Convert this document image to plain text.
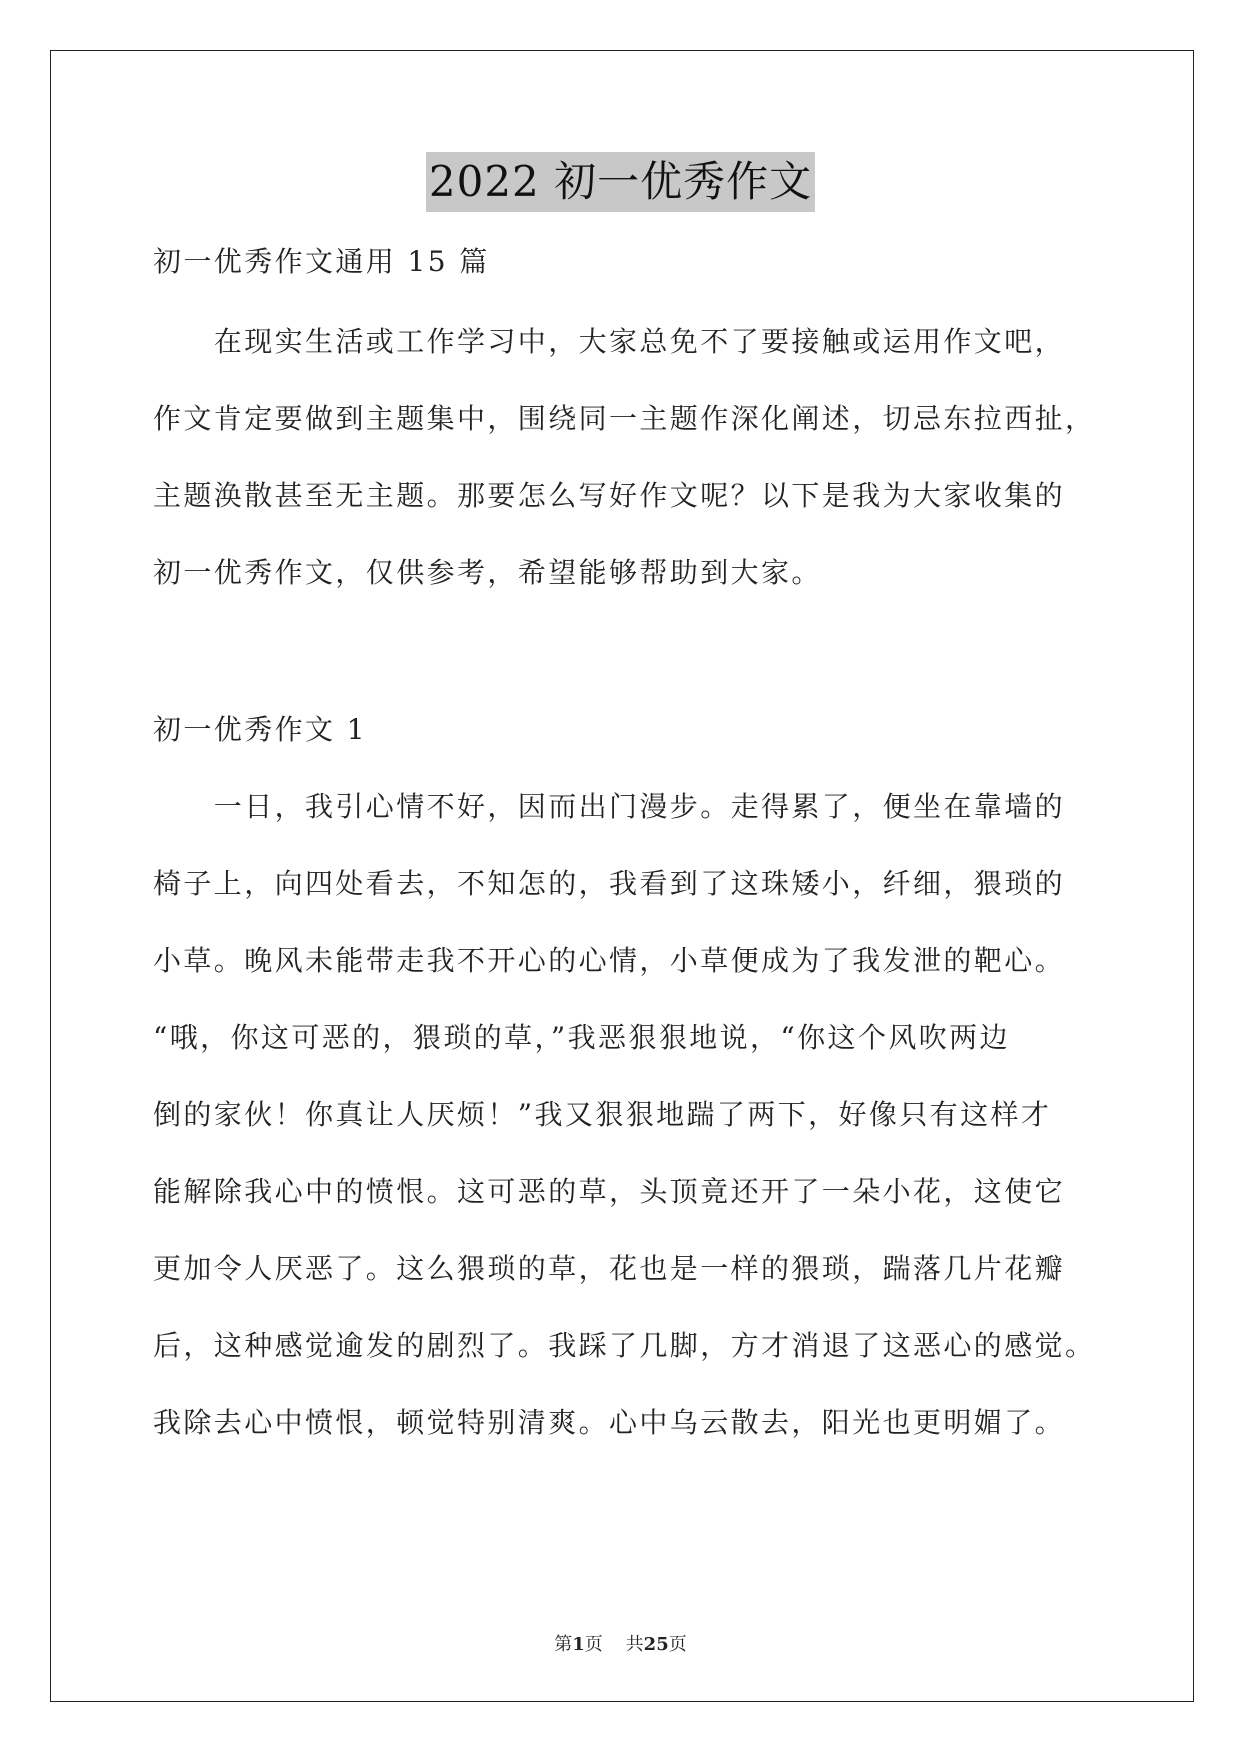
2022 初一优秀作文
初一优秀作文通用 15 篇
　　在现实生活或工作学习中，大家总免不了要接触或运用作文吧，
作文肯定要做到主题集中，围绕同一主题作深化阐述，切忌东拉西扯，
主题涣散甚至无主题。那要怎么写好作文呢？以下是我为大家收集的
初一优秀作文，仅供参考，希望能够帮助到大家。
初一优秀作文 1
　　一日，我引心情不好，因而出门漫步。走得累了，便坐在靠墙的
椅子上，向四处看去，不知怎的，我看到了这珠矮小，纤细，猥琐的
小草。晚风未能带走我不开心的心情，小草便成为了我发泄的靶心。
“哦，你这可恶的，猥琐的草，”我恶狠狠地说，“你这个风吹两边
倒的家伙！你真让人厌烦！”我又狠狠地踹了两下，好像只有这样才
能解除我心中的愤恨。这可恶的草，头顶竟还开了一朵小花，这使它
更加令人厌恶了。这么猥琐的草，花也是一样的猥琐，踹落几片花瓣
后，这种感觉逾发的剧烈了。我踩了几脚，方才消退了这恶心的感觉。
我除去心中愤恨，顿觉特别清爽。心中乌云散去，阳光也更明媚了。
第1页 共25页
